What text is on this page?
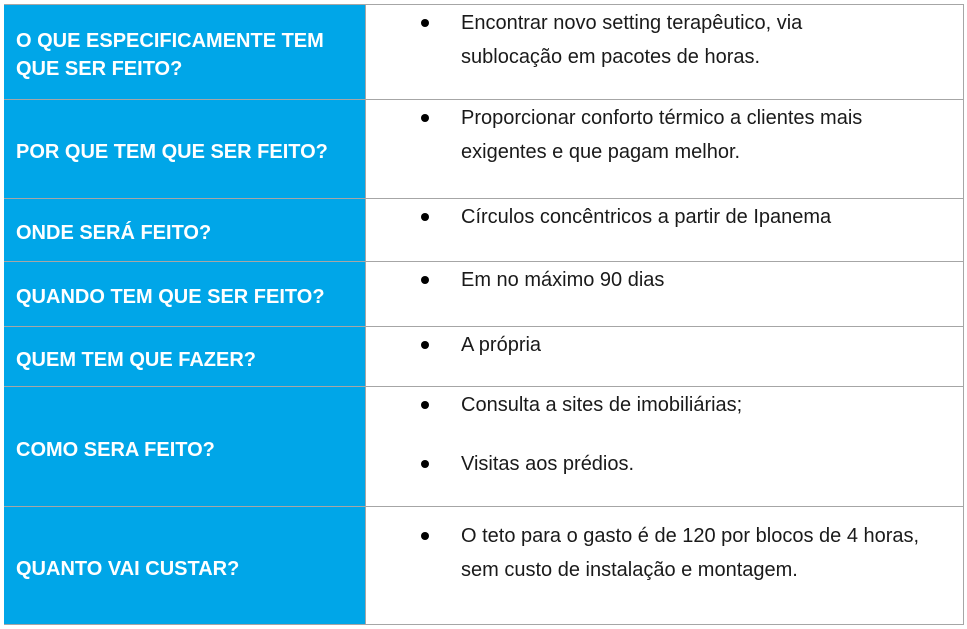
O QUE ESPECIFICAMENTE TEM QUE SER FEITO?
Encontrar novo setting terapêutico, via sublocação em pacotes de horas.
POR QUE TEM QUE SER FEITO?
Proporcionar conforto térmico a clientes mais exigentes e que pagam melhor.
ONDE SERÁ FEITO?
Círculos concêntricos a partir de Ipanema
QUANDO TEM QUE SER FEITO?
Em no máximo 90 dias
QUEM TEM QUE FAZER?
A própria
COMO SERA FEITO?
Consulta a sites de imobiliárias;
Visitas aos prédios.
QUANTO VAI CUSTAR?
O teto para o gasto é de 120 por blocos de 4 horas, sem custo de instalação e montagem.
